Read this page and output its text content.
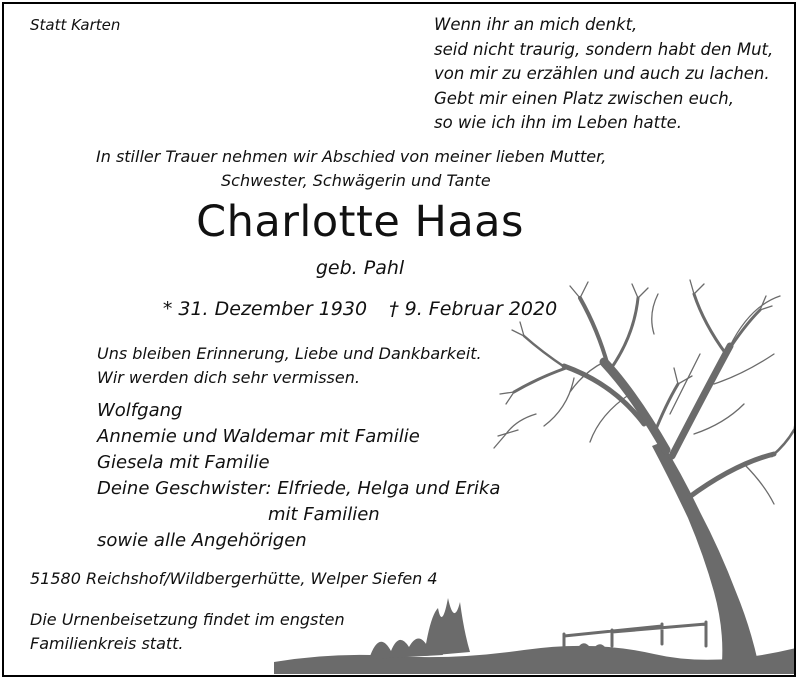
Statt Karten	Wenn ihr an mich denkt,
seid nicht traurig, sondern habt den Mut,
von mir zu erzählen und auch zu lachen.
Gebt mir einen Platz zwischen euch,
so wie ich ihn im Leben hatte.
In stiller Trauer nehmen wir Abschied von meiner lieben Mutter,
Schwester, Schwägerin und Tante
Charlotte Haas
geb. Pahl
* 31. Dezember 1930 † 9. Februar 2020
Uns bleiben Erinnerung, Liebe und Dankbarkeit.
Wir werden dich sehr vermissen.
Wolfgang
Annemie und Waldemar mit Familie
Giesela mit Familie
Deine Geschwister: Elfriede, Helga und Erika
mit Familien
sowie alle Angehörigen
51580 Reichshof/Wildbergerhütte, Welper Siefen 4
Die Urnenbeisetzung findet im engsten
Familienkreis statt.
